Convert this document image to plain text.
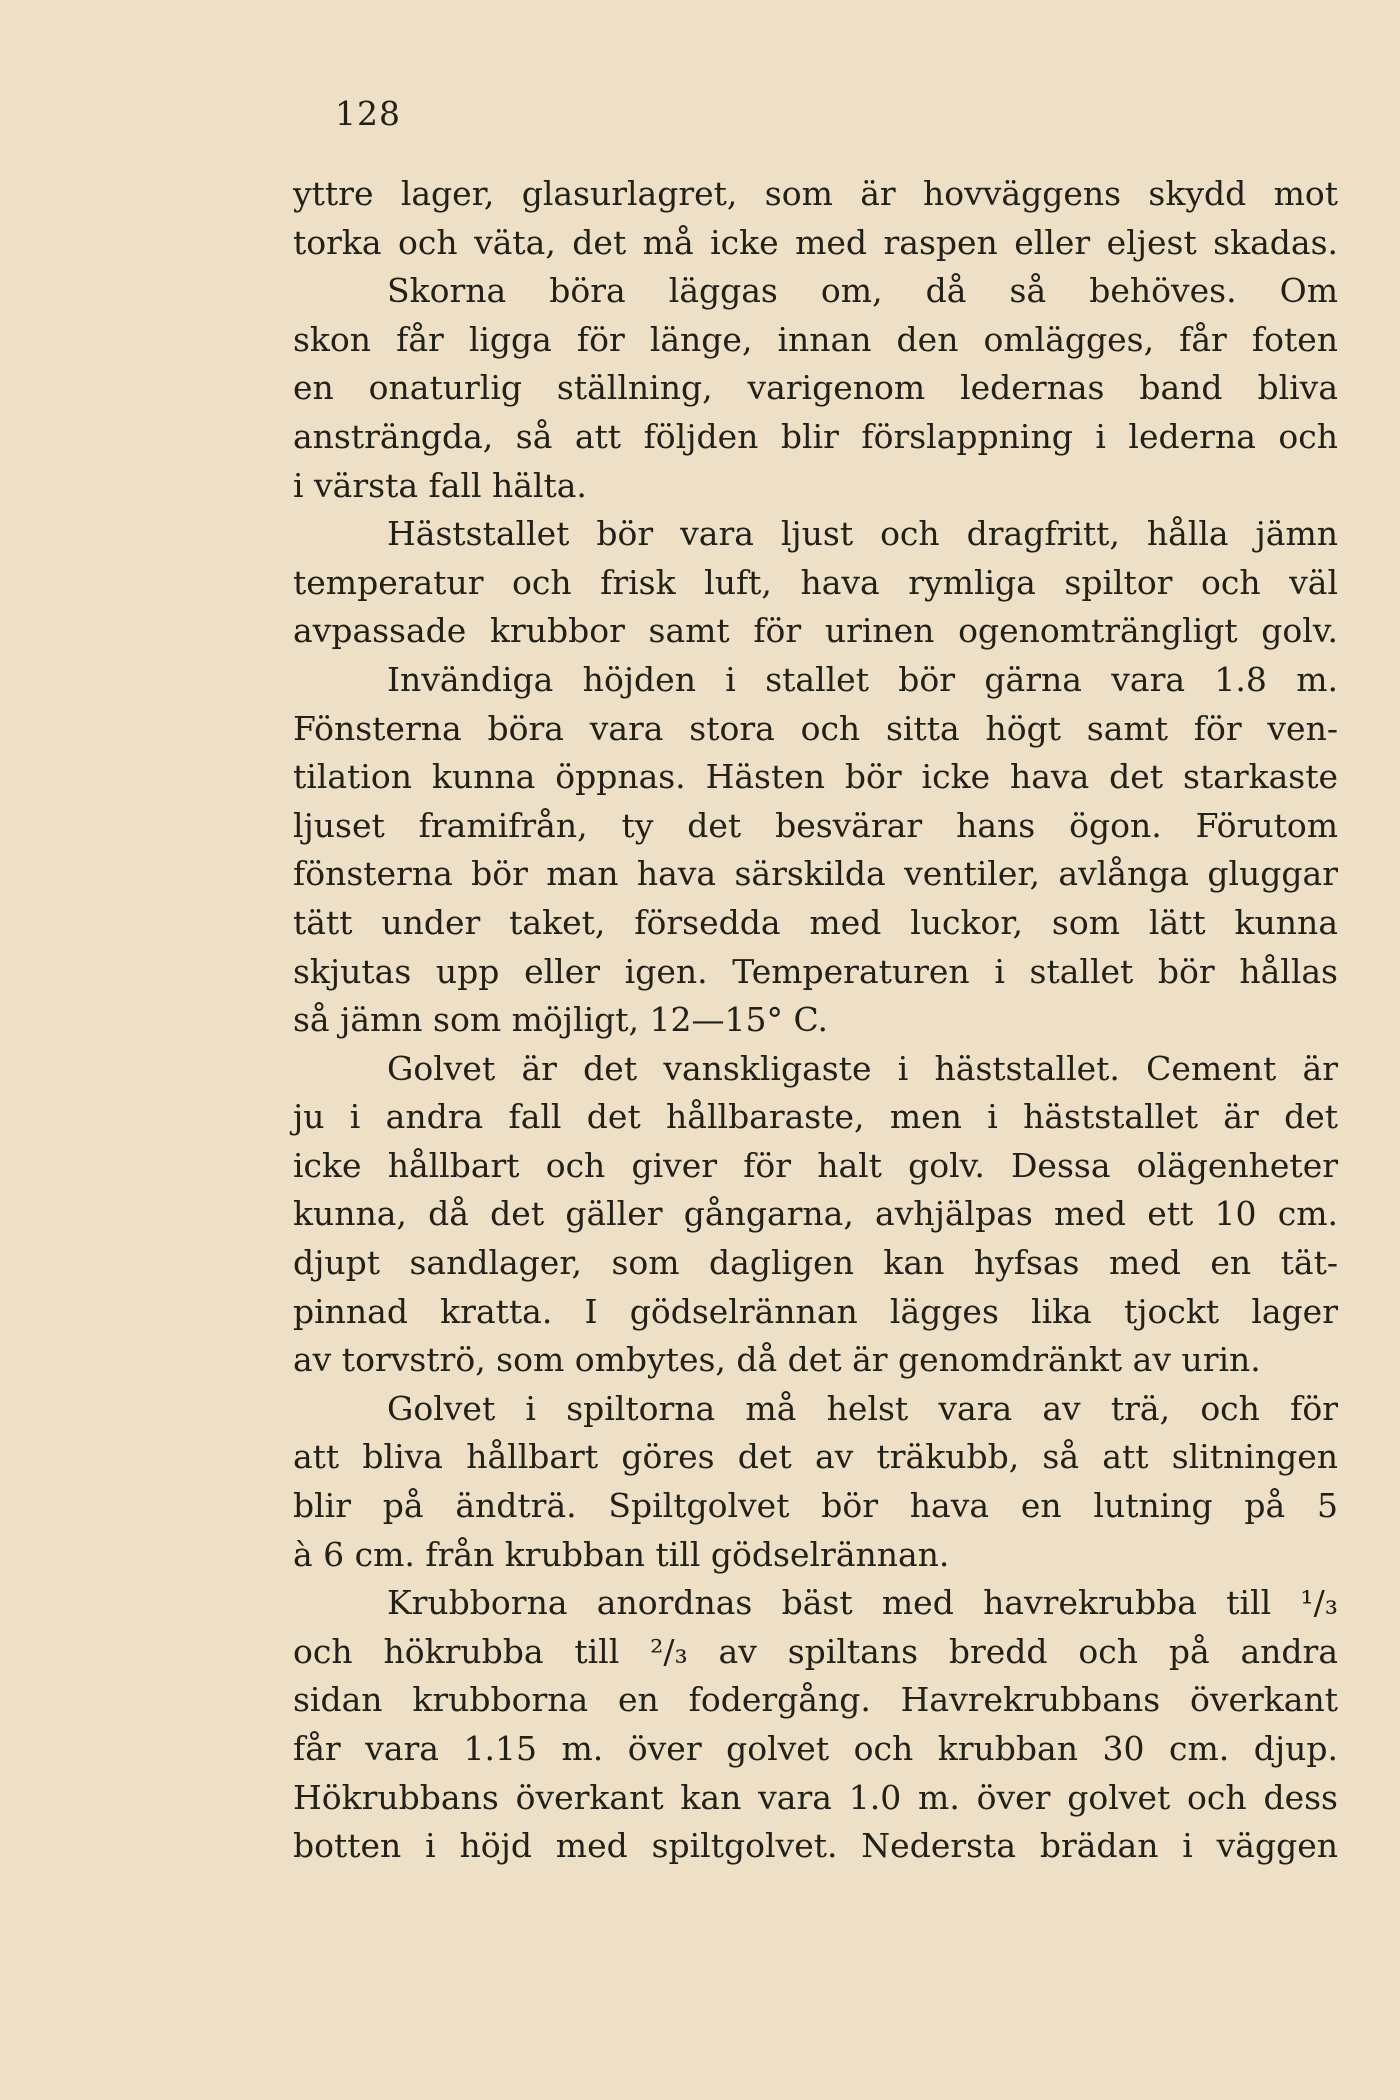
128
yttre lager, glasurlagret, som är hovväggens skydd mot
torka och väta, det må icke med raspen eller eljest skadas.
Skorna böra läggas om, då så behöves. Om
skon får ligga för länge, innan den omlägges, får foten
en onaturlig ställning, varigenom ledernas band bliva
ansträngda, så att följden blir förslappning i lederna och
i värsta fall hälta.
Häststallet bör vara ljust och dragfritt, hålla jämn
temperatur och frisk luft, hava rymliga spiltor och väl
avpassade krubbor samt för urinen ogenomträngligt golv.
Invändiga höjden i stallet bör gärna vara 1.8 m.
Fönsterna böra vara stora och sitta högt samt för ven-
tilation kunna öppnas. Hästen bör icke hava det starkaste
ljuset framifrån, ty det besvärar hans ögon. Förutom
fönsterna bör man hava särskilda ventiler, avlånga gluggar
tätt under taket, försedda med luckor, som lätt kunna
skjutas upp eller igen. Temperaturen i stallet bör hållas
så jämn som möjligt, 12—15° C.
Golvet är det vanskligaste i häststallet. Cement är
ju i andra fall det hållbaraste, men i häststallet är det
icke hållbart och giver för halt golv. Dessa olägenheter
kunna, då det gäller gångarna, avhjälpas med ett 10 cm.
djupt sandlager, som dagligen kan hyfsas med en tät-
pinnad kratta. I gödselrännan lägges lika tjockt lager
av torvströ, som ombytes, då det är genomdränkt av urin.
Golvet i spiltorna må helst vara av trä, och för
att bliva hållbart göres det av träkubb, så att slitningen
blir på ändträ. Spiltgolvet bör hava en lutning på 5
à 6 cm. från krubban till gödselrännan.
Krubborna anordnas bäst med havrekrubba till ¹/₃
och hökrubba till ²/₃ av spiltans bredd och på andra
sidan krubborna en fodergång. Havrekrubbans överkant
får vara 1.15 m. över golvet och krubban 30 cm. djup.
Hökrubbans överkant kan vara 1.0 m. över golvet och dess
botten i höjd med spiltgolvet. Nedersta brädan i väggen
